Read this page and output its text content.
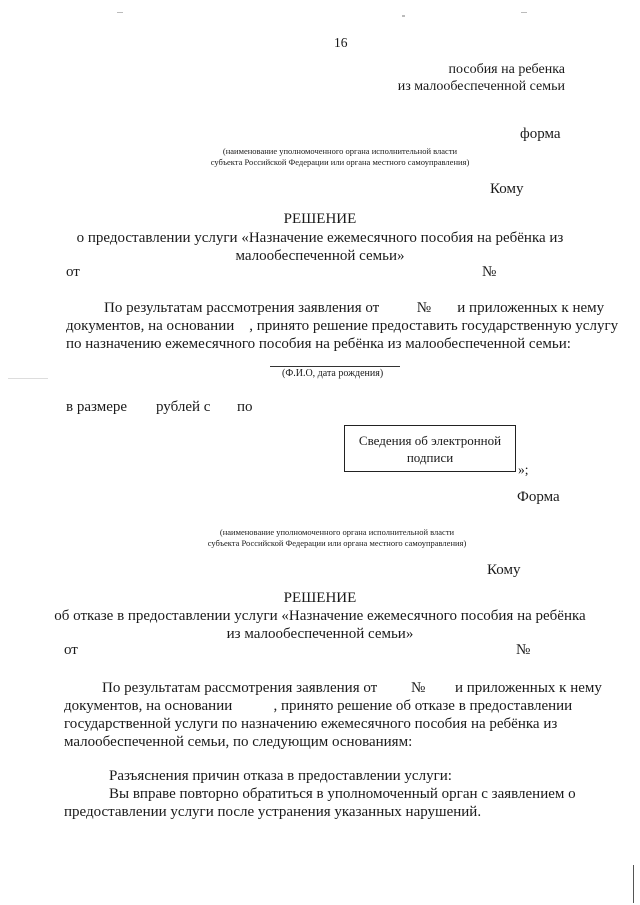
16
пособия на ребенка
из малообеспеченной семьи
форма
(наименование уполномоченного органа исполнительной власти
субъекта Российской Федерации или органа местного самоуправления)
Кому
РЕШЕНИЕ
о предоставлении услуги «Назначение ежемесячного пособия на ребёнка из
малообеспеченной семьи»
от	№
По результатам рассмотрения заявления от          №       и приложенных к нему
документов, на основании    , принято решение предоставить государственную услугу
по назначению ежемесячного пособия на ребёнка из малообеспеченной семьи:
(Ф.И.О, дата рождения)
в размере рублей с по
Сведения об электронной
подписи
»;
Форма
(наименование уполномоченного органа исполнительной власти
субъекта Российской Федерации или органа местного самоуправления)
Кому
РЕШЕНИЕ
об отказе в предоставлении услуги «Назначение ежемесячного пособия на ребёнка
из малообеспеченной семьи»
от	№
По результатам рассмотрения заявления от № и приложенных к нему
документов, на основании           , принято решение об отказе в предоставлении
государственной услуги по назначению ежемесячного пособия на ребёнка из
малообеспеченной семьи, по следующим основаниям:
Разъяснения причин отказа в предоставлении услуги:
Вы вправе повторно обратиться в уполномоченный орган с заявлением о
предоставлении услуги после устранения указанных нарушений.
